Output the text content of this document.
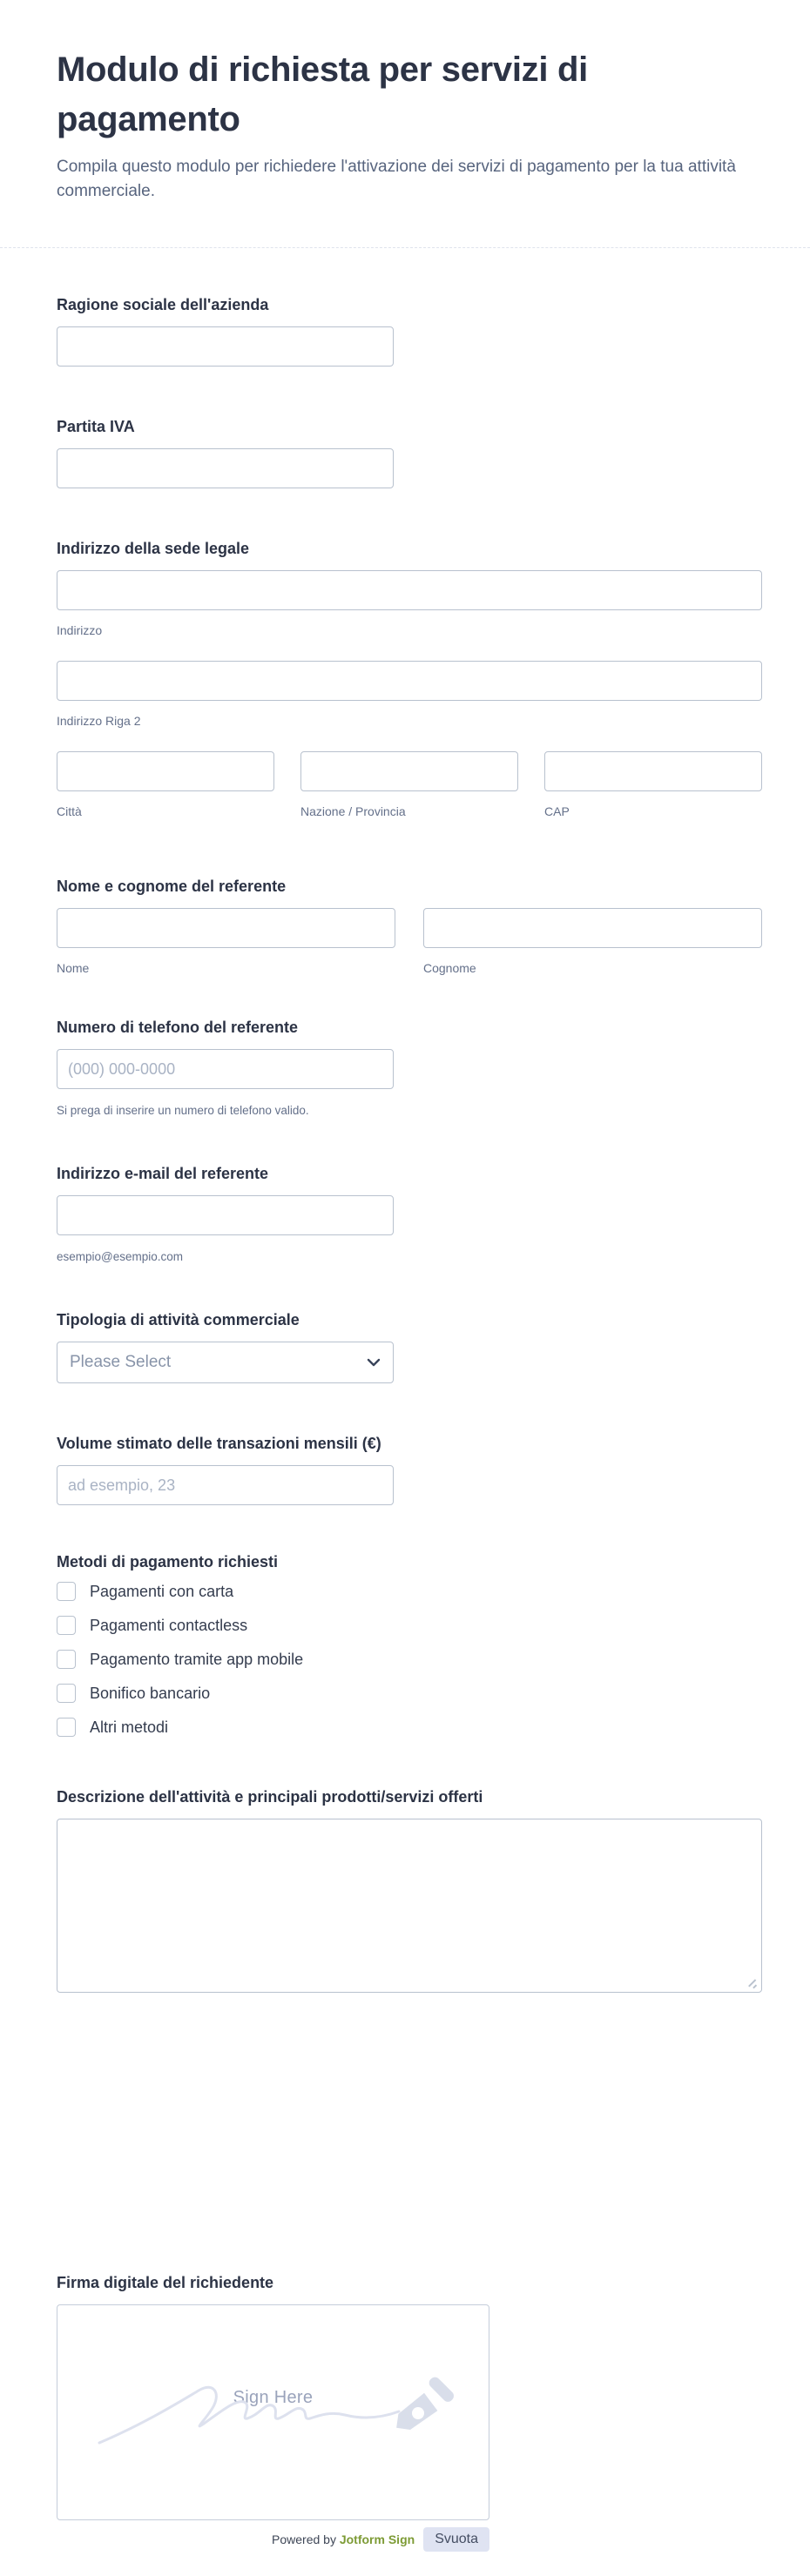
Modulo di richiesta per servizi di pagamento

Compila questo modulo per richiedere l'attivazione dei servizi di pagamento per la tua attività commerciale.

Ragione sociale dell'azienda
Partita IVA
Indirizzo della sede legale
Indirizzo
Indirizzo Riga 2
Città	Nazione / Provincia	CAP
Nome e cognome del referente
Nome	Cognome
Numero di telefono del referente
(000) 000-0000
Si prega di inserire un numero di telefono valido.
Indirizzo e-mail del referente
esempio@esempio.com
Tipologia di attività commerciale
Please Select
Volume stimato delle transazioni mensili (€)
ad esempio, 23
Metodi di pagamento richiesti
Pagamenti con carta
Pagamenti contactless
Pagamento tramite app mobile
Bonifico bancario
Altri metodi
Descrizione dell'attività e principali prodotti/servizi offerti
Firma digitale del richiedente
Sign Here
Powered by Jotform Sign	Svuota
